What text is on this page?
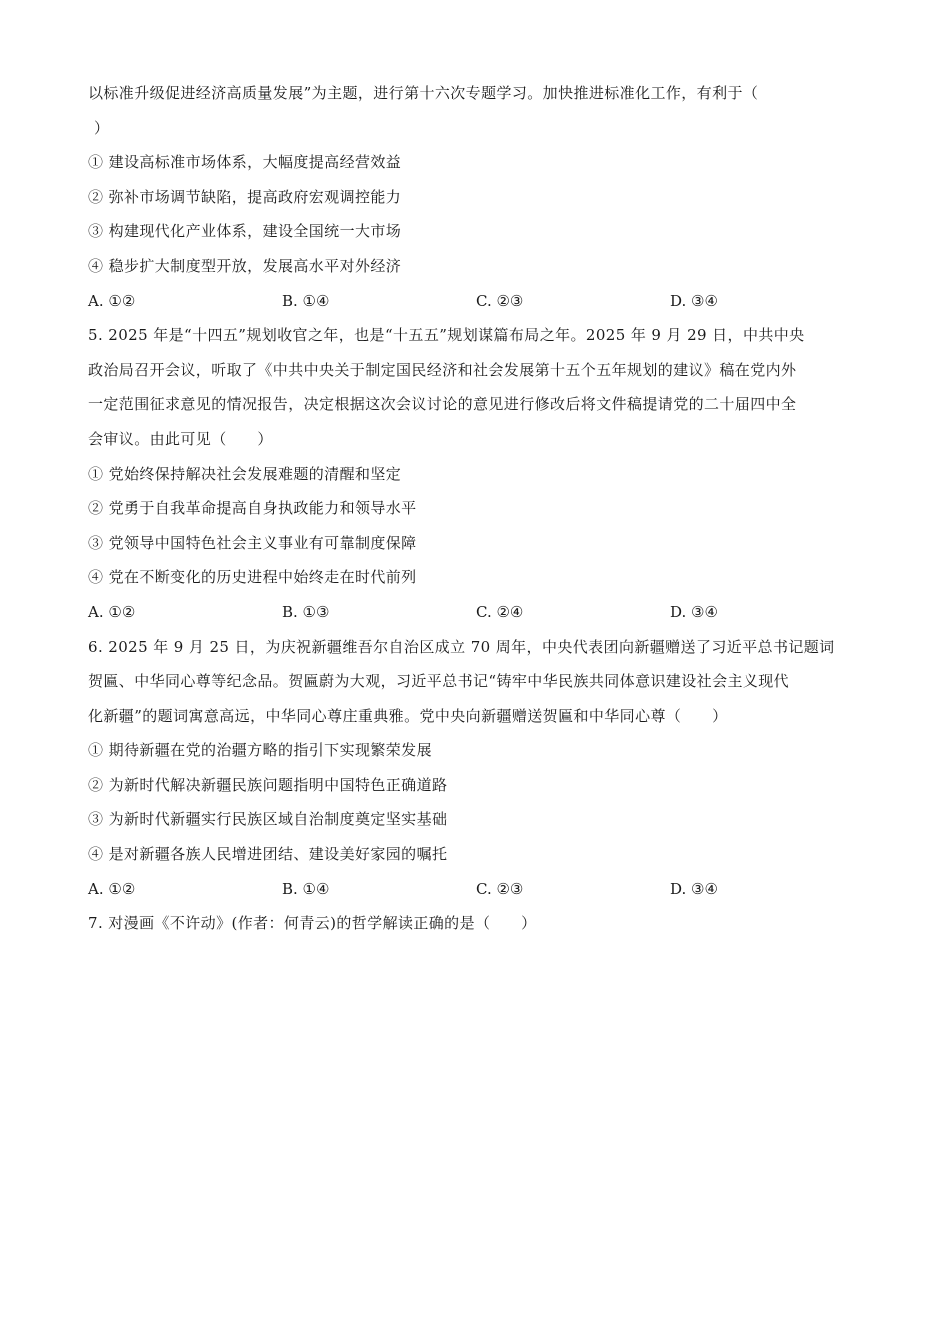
以标准升级促进经济高质量发展”为主题，进行第十六次专题学习。加快推进标准化工作，有利于（
）
① 建设高标准市场体系，大幅度提高经营效益
② 弥补市场调节缺陷，提高政府宏观调控能力
③ 构建现代化产业体系，建设全国统一大市场
④ 稳步扩大制度型开放，发展高水平对外经济
A. ①②	B. ①④	C. ②③	D. ③④
5. 2025 年是“十四五”规划收官之年，也是“十五五”规划谋篇布局之年。2025 年 9 月 29 日，中共中央
政治局召开会议，听取了《中共中央关于制定国民经济和社会发展第十五个五年规划的建议》稿在党内外
一定范围征求意见的情况报告，决定根据这次会议讨论的意见进行修改后将文件稿提请党的二十届四中全
会审议。由此可见（　　）
① 党始终保持解决社会发展难题的清醒和坚定
② 党勇于自我革命提高自身执政能力和领导水平
③ 党领导中国特色社会主义事业有可靠制度保障
④ 党在不断变化的历史进程中始终走在时代前列
A. ①②	B. ①③	C. ②④	D. ③④
6. 2025 年 9 月 25 日，为庆祝新疆维吾尔自治区成立 70 周年，中央代表团向新疆赠送了习近平总书记题词
贺匾、中华同心尊等纪念品。贺匾蔚为大观，习近平总书记“铸牢中华民族共同体意识建设社会主义现代
化新疆”的题词寓意高远，中华同心尊庄重典雅。党中央向新疆赠送贺匾和中华同心尊（　　）
① 期待新疆在党的治疆方略的指引下实现繁荣发展
② 为新时代解决新疆民族问题指明中国特色正确道路
③ 为新时代新疆实行民族区域自治制度奠定坚实基础
④ 是对新疆各族人民增进团结、建设美好家园的嘱托
A. ①②	B. ①④	C. ②③	D. ③④
7. 对漫画《不许动》(作者：何青云)的哲学解读正确的是（　　）
